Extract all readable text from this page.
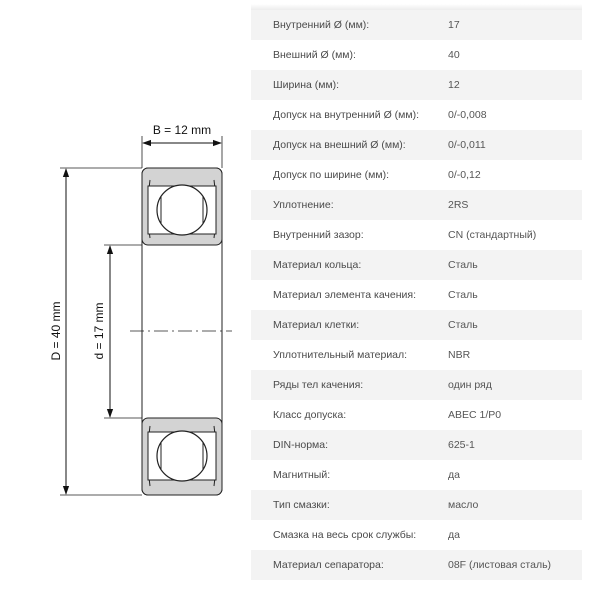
B = 12 mm
D = 40 mm d = 17 mm
Внутренний Ø (мм):	17
Внешний Ø (мм):	40
Ширина (мм):	12
Допуск на внутренний Ø (мм):	0/-0,008
Допуск на внешний Ø (мм):	0/-0,011
Допуск по ширине (мм):	0/-0,12
Уплотнение:	2RS
Внутренний зазор:	CN (стандартный)
Материал кольца:	Сталь
Материал элемента качения:	Сталь
Материал клетки:	Сталь
Уплотнительный материал:	NBR
Ряды тел качения:	один ряд
Класс допуска:	ABEC 1/P0
DIN-норма:	625-1
Магнитный:	да
Тип смазки:	масло
Смазка на весь срок службы:	да
Материал сепаратора:	08F (листовая сталь)
